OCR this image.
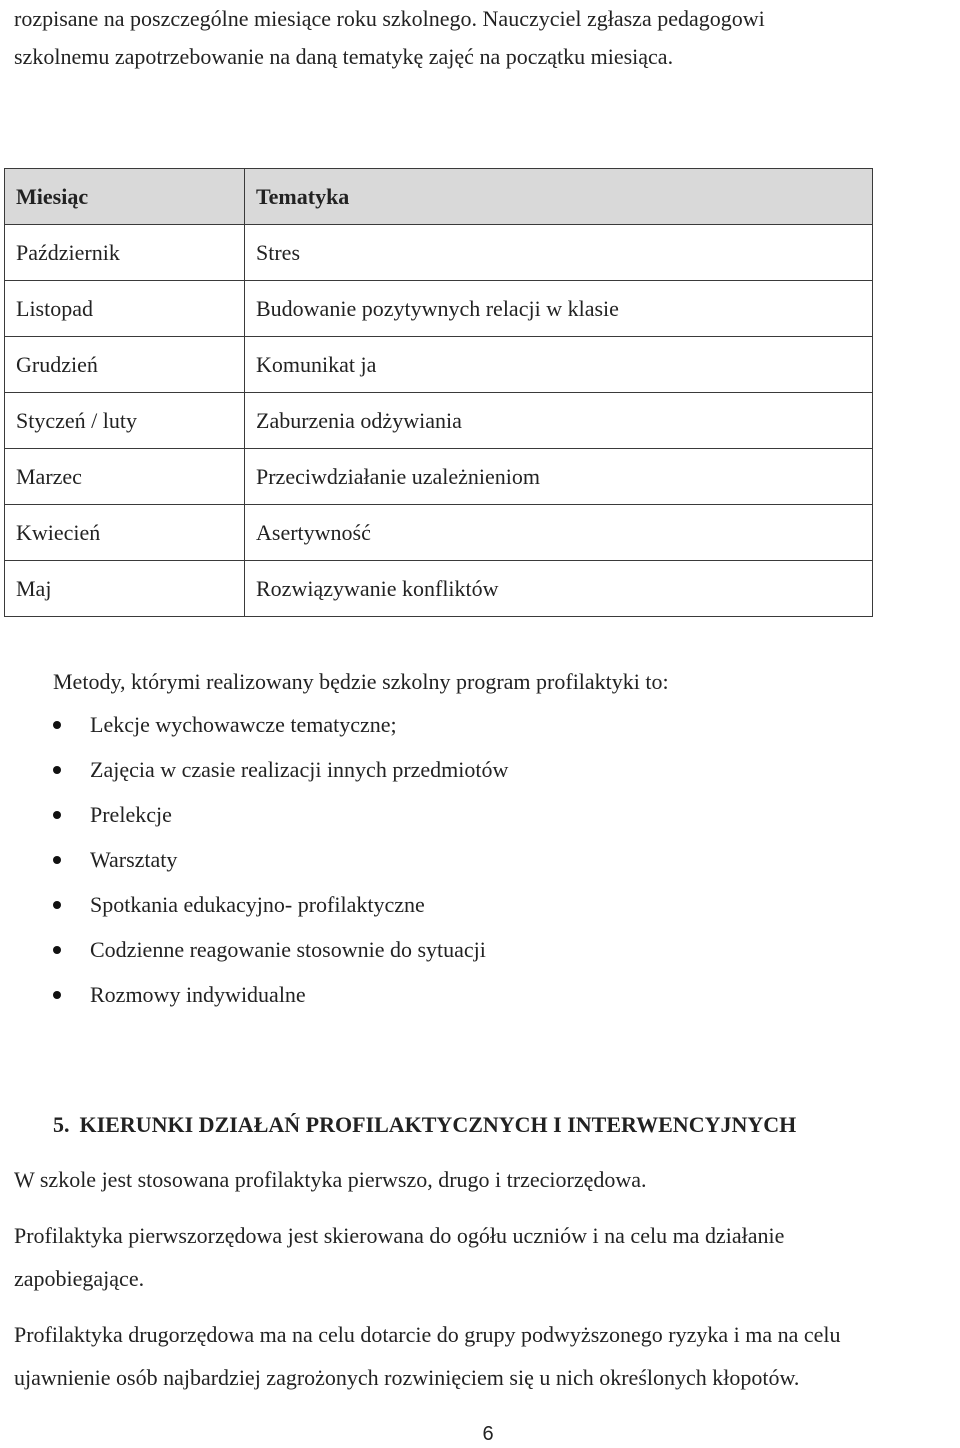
rozpisane na poszczególne miesiące roku szkolnego. Nauczyciel zgłasza pedagogowi

szkolnemu zapotrzebowanie na daną tematykę zajęć na początku miesiąca.

Miesiąc	Tematyka
Październik	Stres
Listopad	Budowanie pozytywnych relacji w klasie
Grudzień	Komunikat ja
Styczeń / luty	Zaburzenia odżywiania
Marzec	Przeciwdziałanie uzależnieniom
Kwiecień	Asertywność
Maj	Rozwiązywanie konfliktów

Metody, którymi realizowany będzie szkolny program profilaktyki to:

Lekcje wychowawcze tematyczne;
Zajęcia w czasie realizacji innych przedmiotów
Prelekcje
Warsztaty
Spotkania edukacyjno- profilaktyczne
Codzienne reagowanie stosownie do sytuacji
Rozmowy indywidualne
5. KIERUNKI DZIAŁAŃ PROFILAKTYCZNYCH I INTERWENCYJNYCH

W szkole jest stosowana profilaktyka pierwszo, drugo i trzeciorzędowa.

Profilaktyka pierwszorzędowa jest skierowana do ogółu uczniów i na celu ma działanie
zapobiegające.
Profilaktyka drugorzędowa ma na celu dotarcie do grupy podwyższonego ryzyka i ma na celu
ujawnienie osób najbardziej zagrożonych rozwinięciem się u nich określonych kłopotów.
6
